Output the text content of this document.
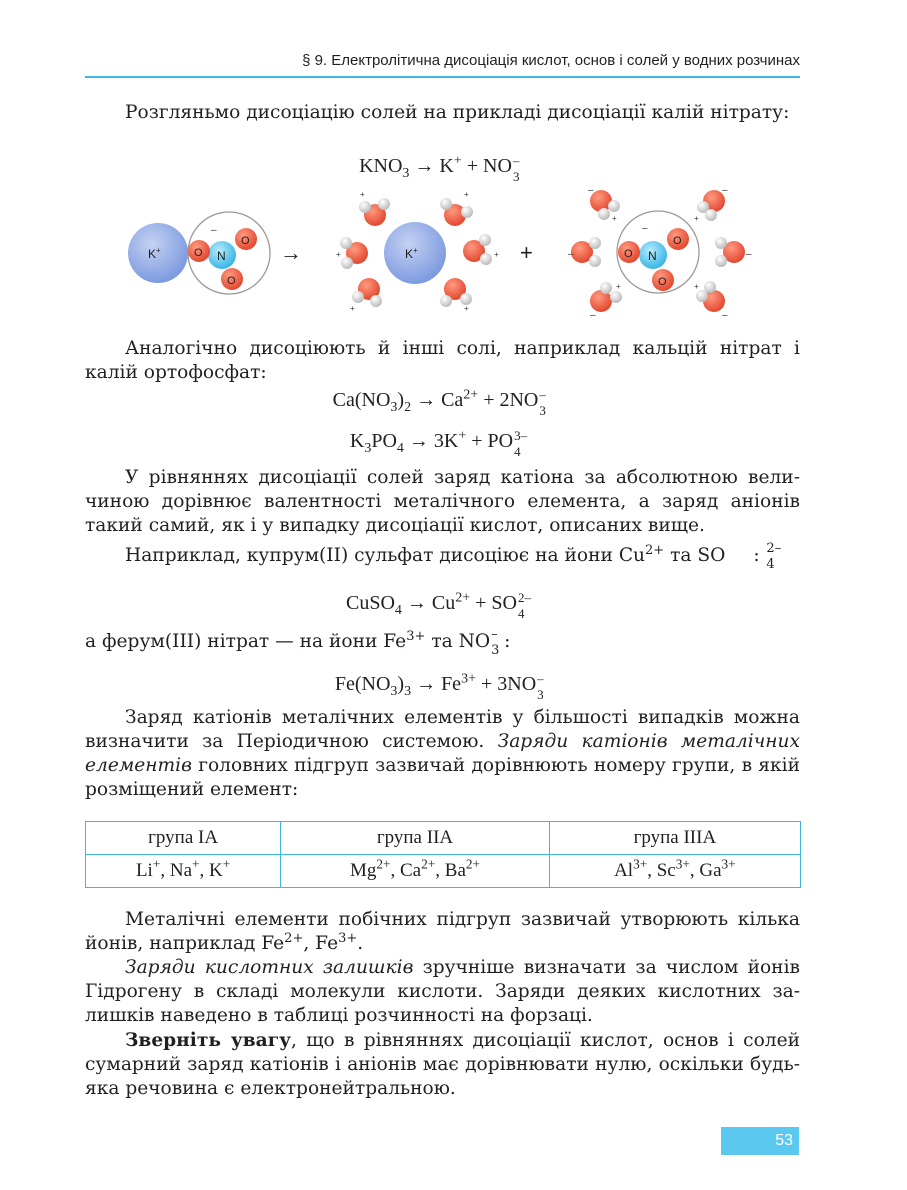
§ 9. Електролітична дисоціація кислот, основ і солей у водних розчинах

Розгляньмо дисоціацію солей на прикладі дисоціації калій нітрату:

$KNO_3 \to K^+$ + NO –
3
K+
–
N
O
O
O
→	K+
+	+
+	+
+	+
+
–
N
O
O
O
+	+
–	–
–	–
–
–
+
+

Аналогічно дисоціюють й інші солі, наприклад кальцій нітрат і калій ортофосфат:

$Ca(NO_3)_2 \to Ca^{2+} + 2NO$ –
3
$K_3PO_4 \to 3K^+$ + PO 3–
4

У рівняннях дисоціації солей заряд катіона за абсолютною величиною дорівнює валентності металічного елемента, а заряд аніонів такий самий, як і у випадку дисоціації кислот, описаних вище.

Наприклад, купрум(ІІ) сульфат дисоціює на йони $Cu^{2+}$ та SO	2–
4
:

CuSO$_4$ → $Cu^{2+}$ + SO 2–
4

а ферум(ІІІ) нітрат — на йони $Fe^{3+}$ та NO –
3 :

$Fe(NO_3)_3 \to Fe^{3+} + 3NO$ –
3

Заряд катіонів металічних елементів у більшості випадків можна визначити за Періодичною системою. Заряди катіонів металічних елементів головних підгруп зазвичай дорівнюють номеру групи, в якій розміщений елемент:

група ІА	група ІІА	група ІІІА
Li+, Na+, K+	$Mg^{2+}$, $Ca^{2+}$, $Ba^{2+}$	$Al^{3+}$, $Sc^{3+}$, $Ga^{3+}$

Металічні елементи побічних підгруп зазвичай утворюють кілька йонів, наприклад $Fe^{2+}$, $Fe^{3+}$.

Заряди кислотних залишків зручніше визначати за числом йонів Гідрогену в складі молекули кислоти. Заряди деяких кислотних залишків наведено в таблиці розчинності на форзаці.

Зверніть увагу, що в рівняннях дисоціації кислот, основ і солей сумарний заряд катіонів і аніонів має дорівнювати нулю, оскільки будь-яка речовина є електронейтральною.

53
